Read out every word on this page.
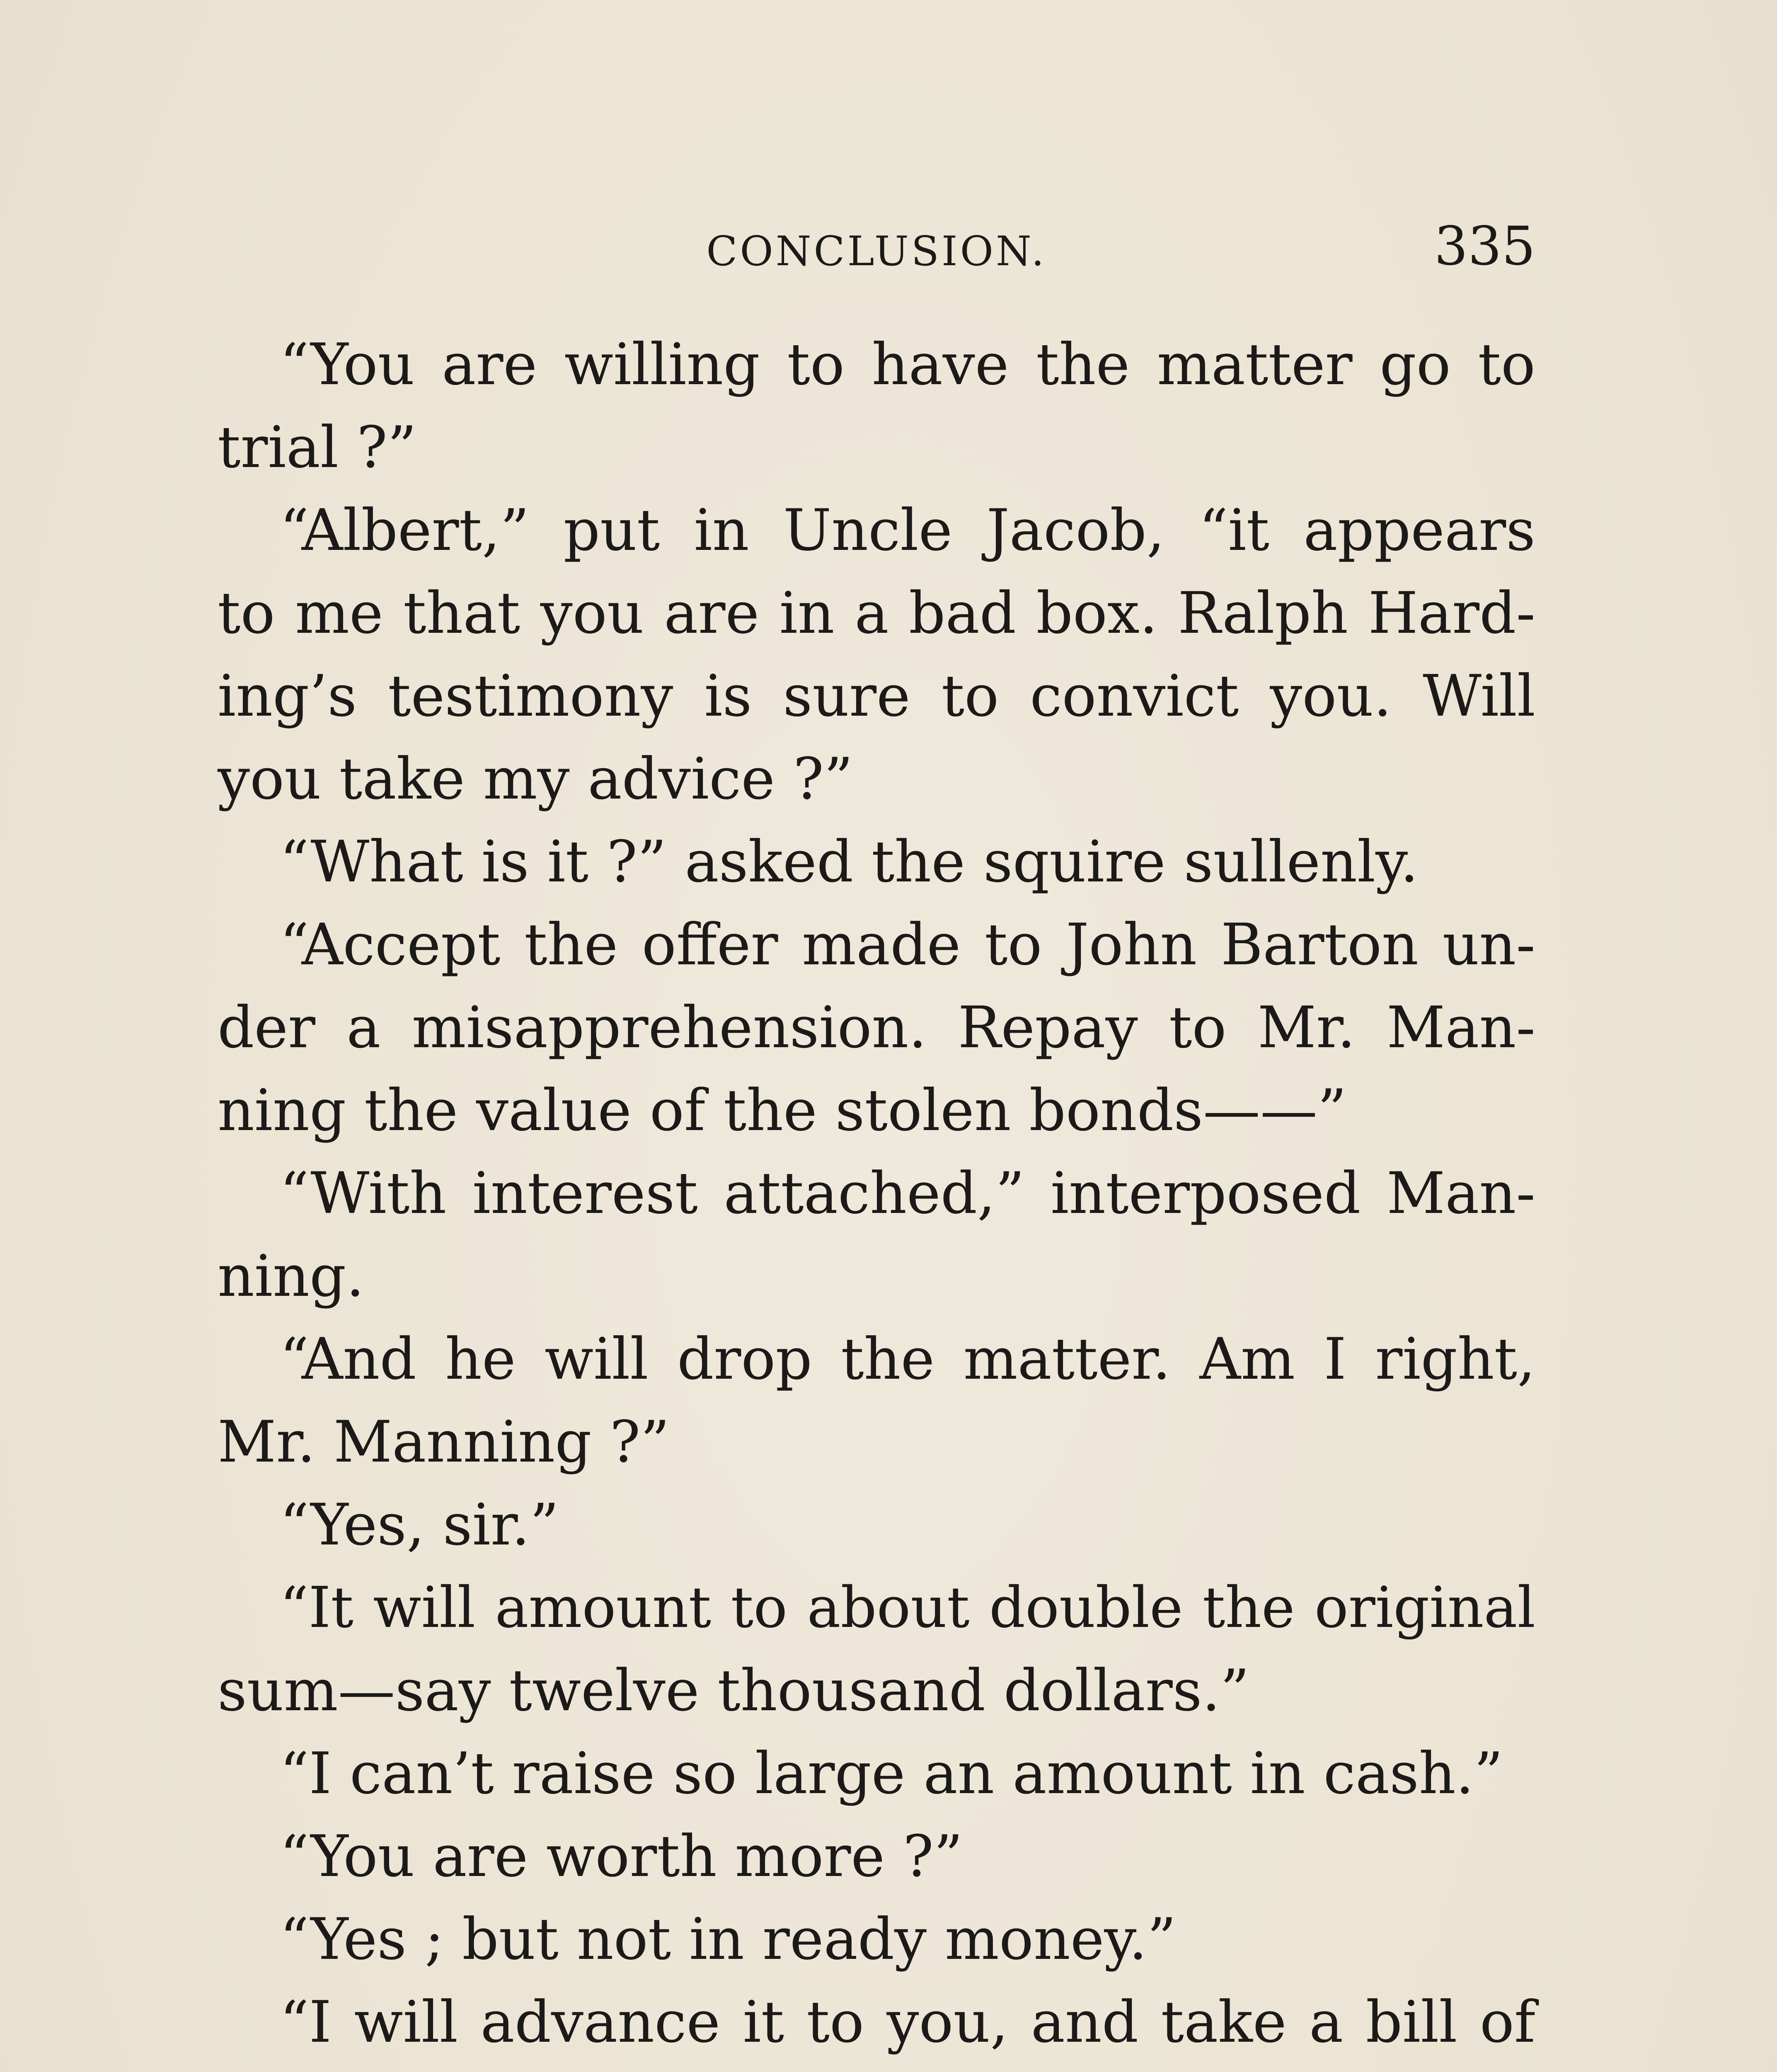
CONCLUSION.	335
“You are willing to have the matter go to
trial ?”
“Albert,” put in Uncle Jacob, “it appears
to me that you are in a bad box. Ralph Hard-
ing’s testimony is sure to convict you. Will
you take my advice ?”
“What is it ?” asked the squire sullenly.
“Accept the offer made to John Barton un-
der a misapprehension. Repay to Mr. Man-
ning the value of the stolen bonds——”
“With interest attached,” interposed Man-
ning.
“And he will drop the matter. Am I right,
Mr. Manning ?”
“Yes, sir.”
“It will amount to about double the original
sum—say twelve thousand dollars.”
“I can’t raise so large an amount in cash.”
“You are worth more ?”
“Yes ; but not in ready money.”
“I will advance it to you, and take a bill of
